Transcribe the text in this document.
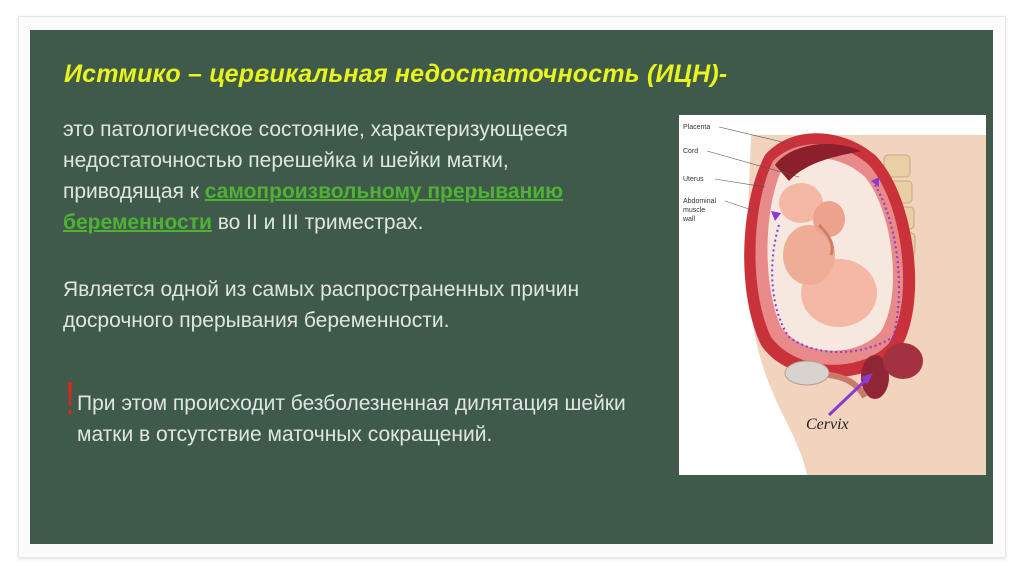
Истмико – цервикальная недостаточность (ИЦН)-

это патологическое состояние, характеризующееся недостаточностью перешейка и шейки матки, приводящая к самопроизвольному прерыванию беременности во II и III триместрах.

Является одной из самых распространенных причин досрочного прерывания беременности.

При этом происходит безболезненная дилятация шейки матки в отсутствие маточных сокращений.

Placenta
Cord
Uterus
Abdominal
muscle
wall
Cervix
